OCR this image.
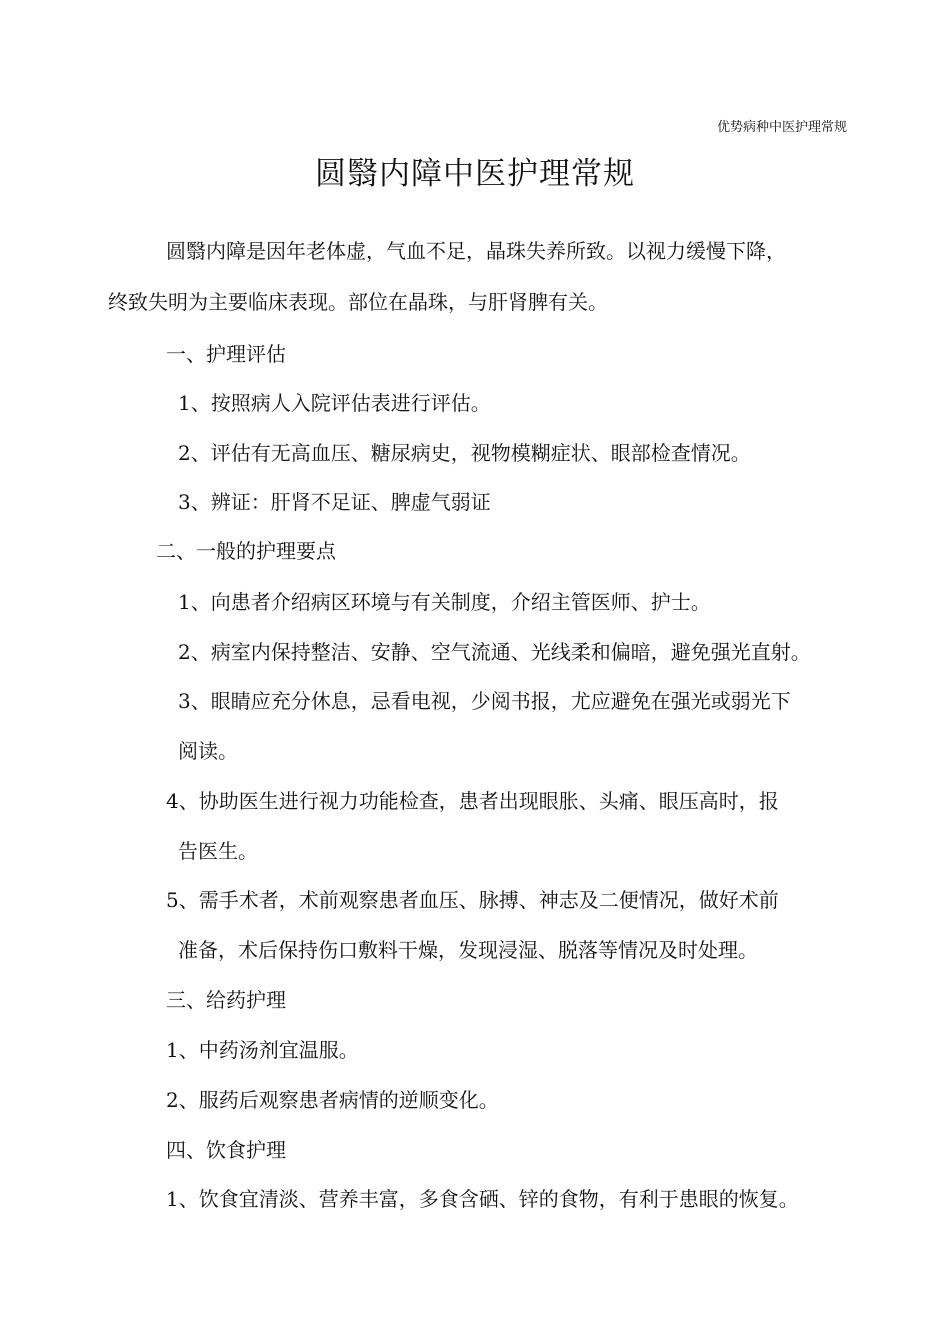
优势病种中医护理常规
圆翳内障中医护理常规
圆翳内障是因年老体虚，气血不足，晶珠失养所致。以视力缓慢下降，
终致失明为主要临床表现。部位在晶珠，与肝肾脾有关。
一、护理评估
1、按照病人入院评估表进行评估。
2、评估有无高血压、糖尿病史，视物模糊症状、眼部检查情况。
3、辨证：肝肾不足证、脾虚气弱证
二、一般的护理要点
1、向患者介绍病区环境与有关制度，介绍主管医师、护士。
2、病室内保持整洁、安静、空气流通、光线柔和偏暗，避免强光直射。
3、眼睛应充分休息，忌看电视，少阅书报，尤应避免在强光或弱光下
阅读。
4、协助医生进行视力功能检查，患者出现眼胀、头痛、眼压高时，报
告医生。
5、需手术者，术前观察患者血压、脉搏、神志及二便情况，做好术前
准备，术后保持伤口敷料干燥，发现浸湿、脱落等情况及时处理。
三、给药护理
1、中药汤剂宜温服。
2、服药后观察患者病情的逆顺变化。
四、饮食护理
1、饮食宜清淡、营养丰富，多食含硒、锌的食物，有利于患眼的恢复。
